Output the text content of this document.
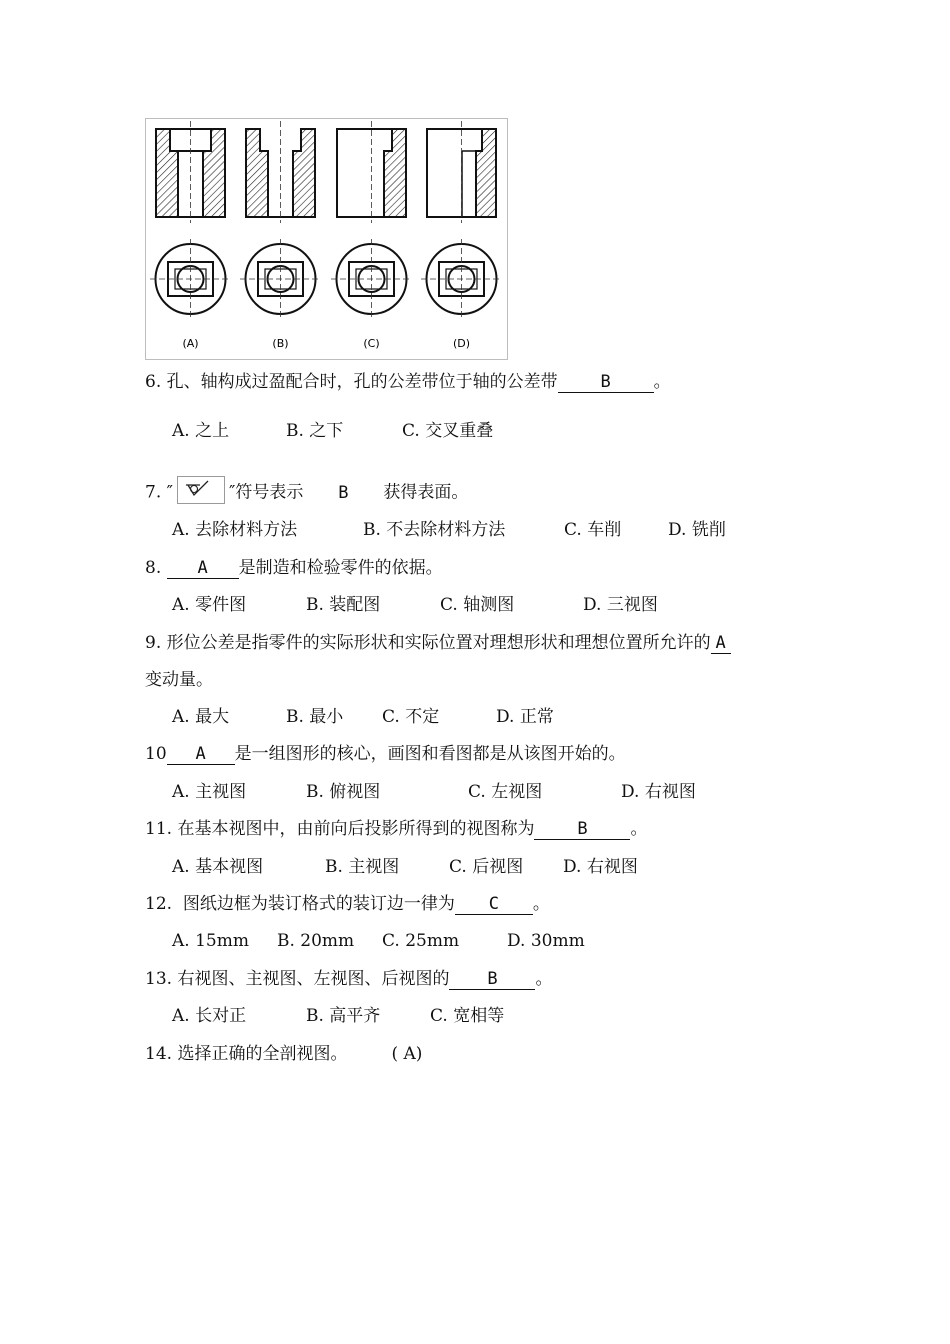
(A)	(B)	(C)	(D)
6. 孔、轴构成过盈配合时，孔的公差带位于轴的公差带	B	。
A. 之上	B. 之下	C. 交叉重叠
7. ″	″符号表示 B 获得表面。
A. 去除材料方法	B. 不去除材料方法	C. 车削	D. 铣削
8. A 是制造和检验零件的依据。
A. 零件图	B. 装配图	C. 轴测图	D. 三视图
9. 形位公差是指零件的实际形状和实际位置对理想形状和理想位置所允许的 A
变动量。
A. 最大	B. 最小 C. 不定	D. 正常
10 A 是一组图形的核心，画图和看图都是从该图开始的。
A. 主视图	B. 俯视图	C. 左视图	D. 右视图
11. 在基本视图中，由前向后投影所得到的视图称为	B	。
A. 基本视图	B. 主视图	C. 后视图 D. 右视图
12.  图纸边框为装订格式的装订边一律为 C 。
A. 15mm B. 20mm C. 25mm	D. 30mm
13. 右视图、主视图、左视图、后视图的 B 。
A. 长对正	B. 高平齐	C. 宽相等
14. 选择正确的全剖视图。	( A)
